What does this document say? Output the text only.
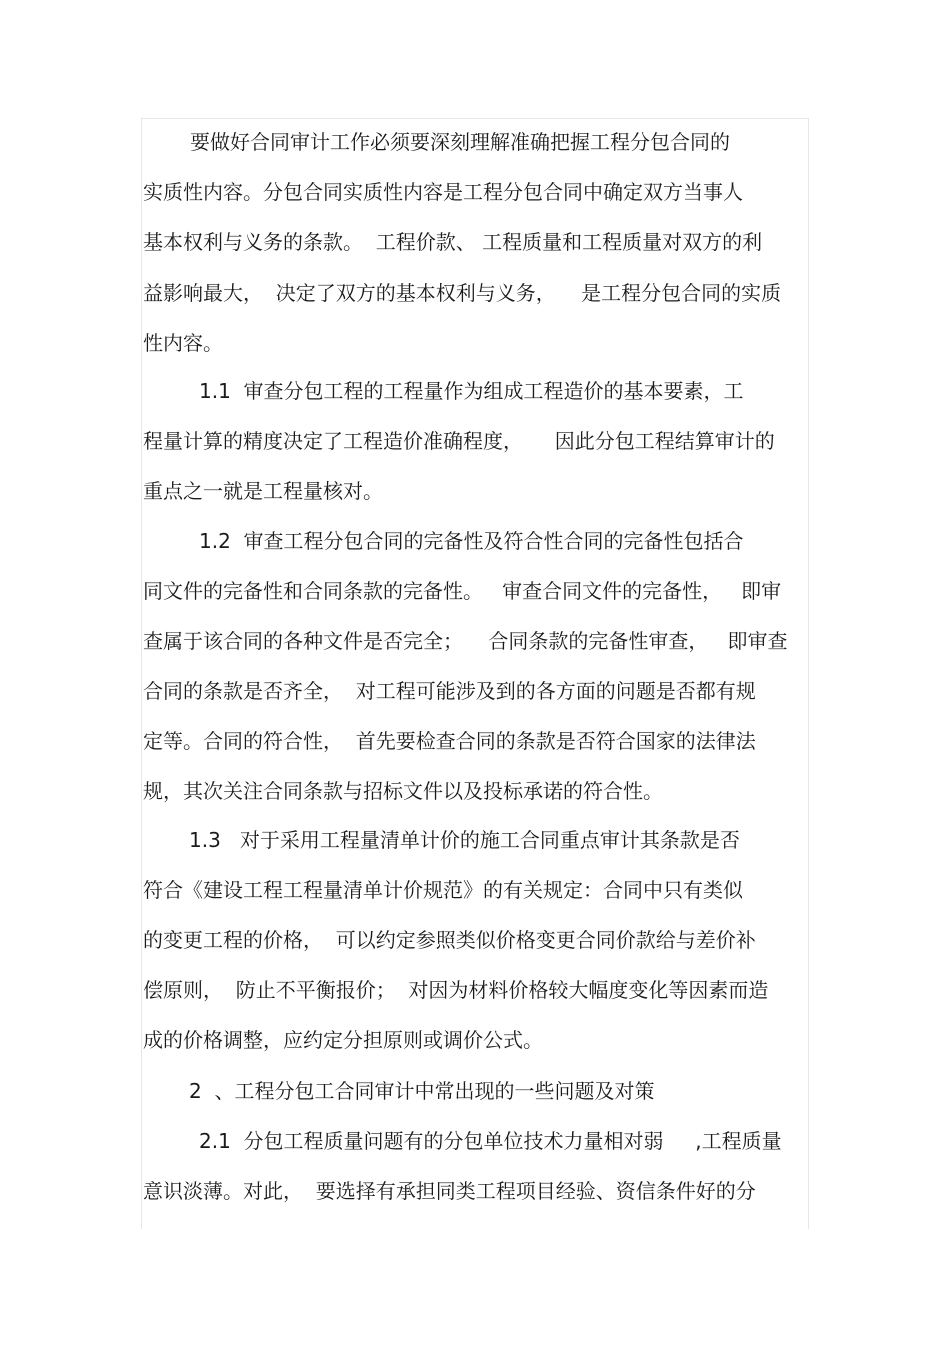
要做好合同审计工作必须要深刻理解准确把握工程分包合同的
实质性内容。分包合同实质性内容是工程分包合同中确定双方当事人
基本权利与义务的条款。  工程价款、 工程质量和工程质量对双方的利
益影响最大，  决定了双方的基本权利与义务，    是工程分包合同的实质
性内容。
1.1  审查分包工程的工程量作为组成工程造价的基本要素，工
程量计算的精度决定了工程造价准确程度，     因此分包工程结算审计的
重点之一就是工程量核对。
1.2  审查工程分包合同的完备性及符合性合同的完备性包括合
同文件的完备性和合同条款的完备性。   审查合同文件的完备性，   即审
查属于该合同的各种文件是否完全；    合同条款的完备性审查，   即审查
合同的条款是否齐全，  对工程可能涉及到的各方面的问题是否都有规
定等。合同的符合性，  首先要检查合同的条款是否符合国家的法律法
规，其次关注合同条款与招标文件以及投标承诺的符合性。
1.3   对于采用工程量清单计价的施工合同重点审计其条款是否
符合《建设工程工程量清单计价规范》的有关规定：合同中只有类似
的变更工程的价格，  可以约定参照类似价格变更合同价款给与差价补
偿原则，  防止不平衡报价；  对因为材料价格较大幅度变化等因素而造
成的价格调整，应约定分担原则或调价公式。
2  、工程分包工合同审计中常出现的一些问题及对策
2.1  分包工程质量问题有的分包单位技术力量相对弱     ,工程质量
意识淡薄。对此，  要选择有承担同类工程项目经验、资信条件好的分
